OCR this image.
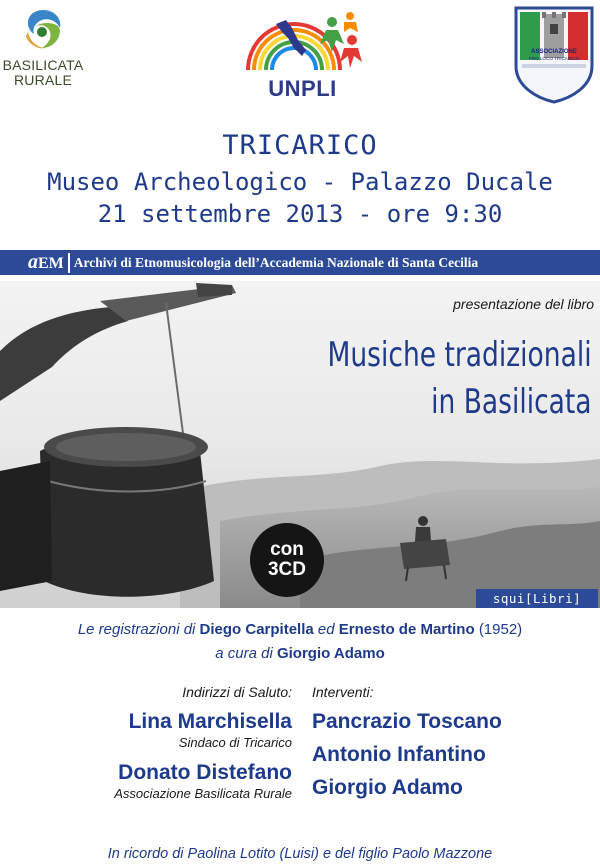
BASILICATA
RURALE	UNPLI
ASSOCIAZIONE
PRO LOCO TRICARICO
TRICARICO
Museo Archeologico - Palazzo Ducale
21 settembre 2013 - ore 9:30
aEM Archivi di Etnomusicologia dell’Accademia Nazionale di Santa Cecilia
presentazione del libro
Musiche tradizionali
in Basilicata
con
3CD
squi[Libri]
Le registrazioni di Diego Carpitella ed Ernesto de Martino (1952)
a cura di Giorgio Adamo
Indirizzi di Saluto:
Lina Marchisella
Sindaco di Tricarico
Donato Distefano
Associazione Basilicata Rurale
Interventi:
Pancrazio Toscano
Antonio Infantino
Giorgio Adamo
In ricordo di Paolina Lotito (Luisi) e del figlio Paolo Mazzone
